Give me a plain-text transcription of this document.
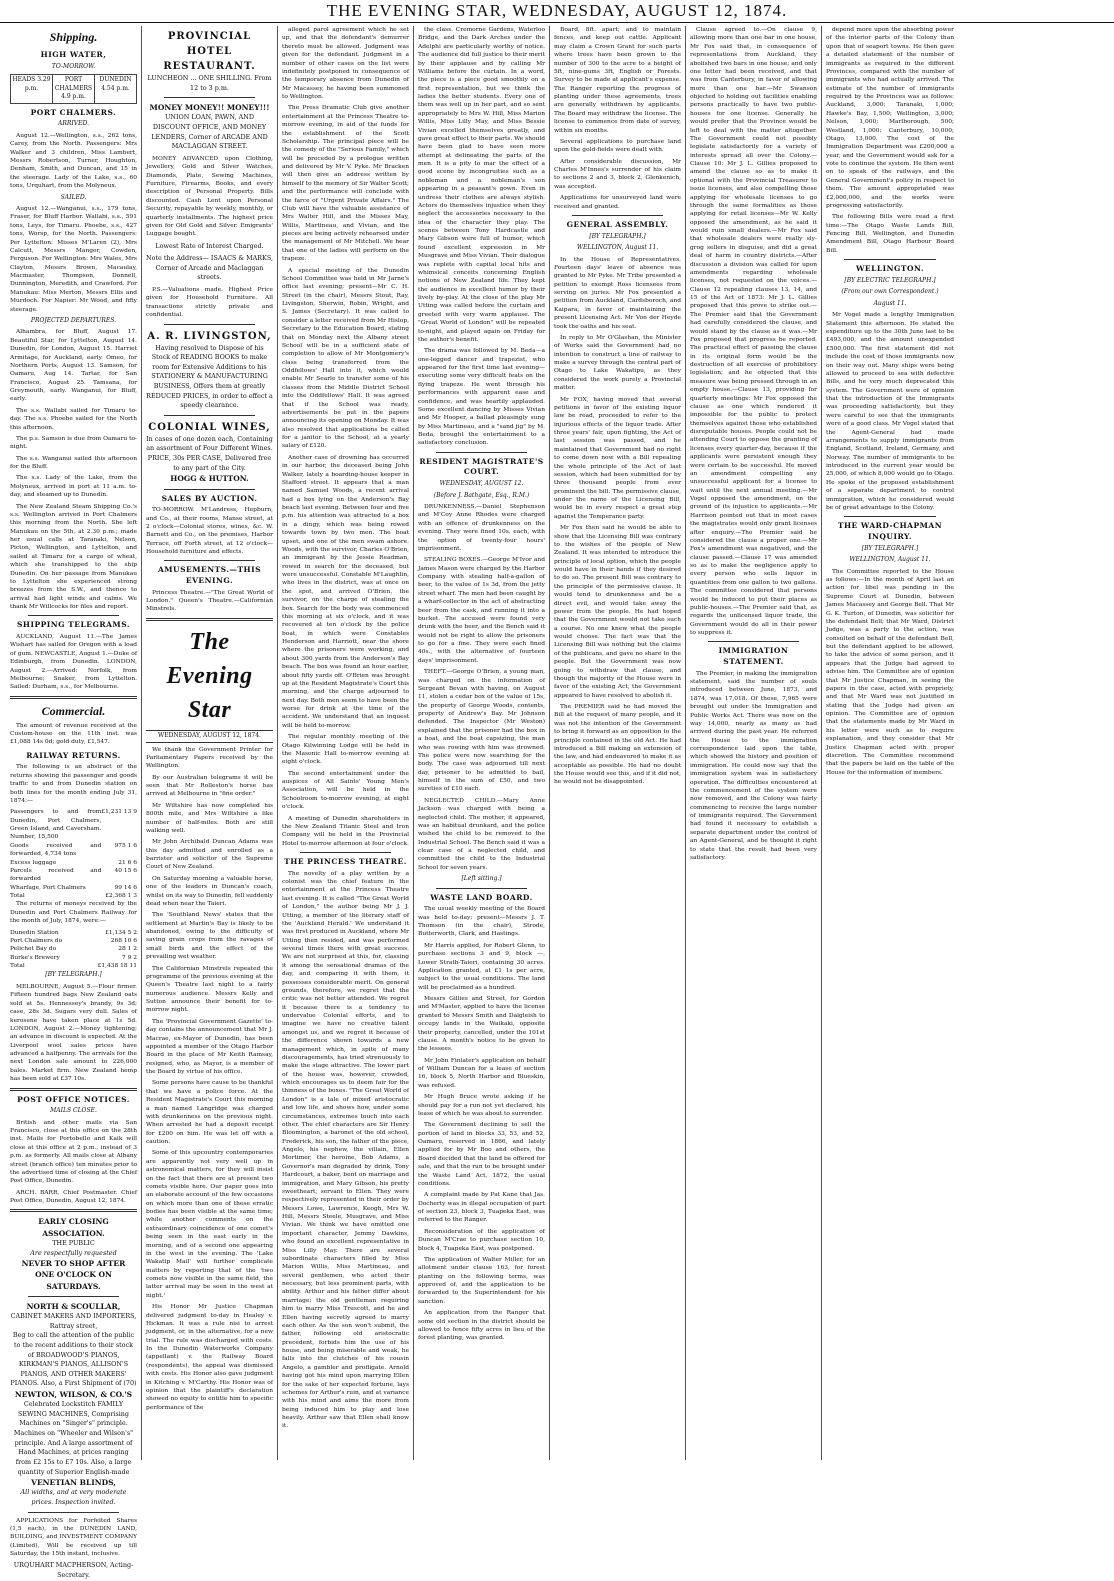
THE EVENING STAR, WEDNESDAY, AUGUST 12, 1874.
Shipping.
HIGH WATER,
TO-MORROW.
HEADS 3.29 p.m.
PORT CHALMERS 4.9 p.m.
DUNEDIN 4.54 p.m.
PORT CHALMERS.
ARRIVED.

August 12.—Wellington, s.s., 262 tons, Carey, from the North. Passengers: Mrs Walker and 3 children, Miss Lambert, Messrs Robertson, Turner, Houghton, Denham, Smith, and Duncan, and 15 in the steerage. Lady of the Lake, s.s., 60 tons, Urquhart, from the Molyneux.

SAILED.

August 12.—Wanganui, s.s., 179 tons, Fraser, for Bluff Harbor. Wallabi, s.s., 591 tons, Leys, for Timaru. Phoebe, s.s., 427 tons, Worsp, for the North. Passengers: Per Lyttelton: Misses M'Laren (2), Mrs Calcutt, Messrs Manger, Cowden, Ferguson. For Wellington: Mrs Wales, Mrs Clayton, Messrs Brown, Macaulay, Macmaster, Thompson, Donnell, Dunnington, Meredith, and Crawford. For Manukau: Miss Merton, Messrs Ellis and Murdoch. For Napier: Mr Wood, and fifty steerage.

PROJECTED DEPARTURES.

Alhambra, for Bluff, August 17. Beautiful Star, for Lyttelton, August 14. Dunedin, for London, August 15. Harriet Armitage, for Auckland, early. Omeo, for Northern Ports, August 13. Samson, for Oamaru, Aug 14. Tartar, for San Francisco, August 25. Tamsana, for Greymouth, early. Wanganui, for Bluff, early.

The s.s. Wallabi sailed for Timaru to-day. The s.s. Phoebe sailed for the North this afternoon.

The p.s. Samson is due from Oamaru to-night.

The s.s. Wanganui sailed this afternoon for the Bluff.

The s.s. Lady of the Lake, from the Molyneux, arrived in port at 11 a.m. to-day, and steamed up to Dunedin.

The New Zealand Steam Shipping Co.'s s.s. Wellington arrived in Port Chalmers this morning from the North. She left Manukau on the 5th, at 2.30 p.m.; made her usual calls at Taranaki, Nelson, Picton, Wellington, and Lyttelton, and sailed at Timaru for a cargo of wheat, which she transhipped to the ship Dunedin. On her passage from Manukau to Lyttelton she experienced strong breezes from the S.W., and thence to arrival had light winds and calms. We thank Mr Willcocks for files and report.

SHIPPING TELEGRAMS.

AUCKLAND, August 11.—The James Wishart has sailed for Oregon with a load of gum. NEWCASTLE, August 1.—Duke of Edinburgh, from Dunedin. LONDON, August 2.—Arrived: Norfolk, from Melbourne; Snaker, from Lyttelton. Sailed: Durham, s.s., for Melbourne.

Commercial.

The amount of revenue received at the Custom-house on the 11th inst. was £1,088 14s 0d; gold duty, £1,547.

RAILWAY RETURNS.

The following is an abstract of the returns showing the passenger and goods traffic to and from Dunedin station on both lines for the month ending July 31, 1874:—

Passengers to and from Dunedin, Port Chalmers, Green Island, and Caversham. Number, 15,500	£1,231 13 9
Goods received and forwarded, 4,734 tons	975 1 6
Excess luggage	21 6 6
Parcels received and forwarded	40 15 6
Wharfage, Port Chalmers	99 14 6
Total	£2,368 1 3

The returns of moneys received by the Dunedin and Port Chalmers Railway for the month of July, 1874, were:—

Dunedin Station	£1,134 5 2
Port Chalmers do	268 10 6
Pelichet Bay do	28 1 2
Burke's Brewery	7 9 2
Total	£1,438 18 11
[BY TELEGRAPH.]

MELBOURNE, August 5.—Flour firmer. Fifteen hundred bags New Zealand oats sold at 5s. Hennessey's brandy, 9s 3d; case, 28s 3d. Sugars very dull. Sales of kerosene have taken place at 1s 5d. LONDON, August 2.—Money tightening; an advance in discount is expected. At the Liverpool wool sales prices have advanced a halfpenny. The arrivals for the next London sale amount to 226,000 bales. Market firm. New Zealand hemp has been sold at £37 10s.

POST OFFICE NOTICES.
MAILS CLOSE.

British and other mails via San Francisco, close at this office on the 28th inst. Mails for Portobello and Kaik will close at this office at 2 p.m., instead of 3 p.m. as formerly. All mails close at Albany street (branch office) ten minutes prior to the advertised time of closing at the Chief Post Office, Dunedin.

ARCH. BARR, Chief Postmaster. Chief Post Office, Dunedin, August 12, 1874.

EARLY CLOSING ASSOCIATION.
THE PUBLIC
Are respectfully requested
NEVER TO SHOP AFTER
ONE O'CLOCK ON SATURDAYS.
NORTH & SCOULLAR,
CABINET MAKERS AND IMPORTERS, Rattray street,
Beg to call the attention of the public to the recent additions to their stock of BROADWOOD'S PIANOS, KIRKMAN'S PIANOS, ALLISON'S PIANOS, AND OTHER MAKERS' PIANOS. Also, a First Shipment of (70)
NEWTON, WILSON, & CO.'S
Celebrated Lockstitch FAMILY SEWING MACHINES, Comprising Machines on "Singer's" principle. Machines on "Wheeler and Wilson's" principle. And A large assortment of Hand Machines, at prices ranging from £2 15s to £7 10s. Also, a large quantity of Superior English-made
VENETIAN BLINDS,
All widths, and at very moderate prices. Inspection invited.

APPLICATIONS for Forfeited Shares (1,5 each), in the DUNEDIN LAND, BUILDING, and INVESTMENT COMPANY (Limited), Will be received up till Saturday, the 15th instant, inclusive.

URQUHART MACPHERSON, Acting-Secretary.
PROVINCIAL HOTEL RESTAURANT.
LUNCHEON ... ONE SHILLING. From 12 to 3 p.m.
MONEY MONEY!! MONEY!!!
UNION LOAN, PAWN, AND DISCOUNT OFFICE, AND MONEY LENDERS, Corner of ARCADE AND MACLAGGAN STREET.

MONEY ADVANCED upon Clothing, Jewellery, Gold and Silver Watches, Diamonds, Plate, Sewing Machines, Furniture, Firearms, Books, and every description of Personal Property. Bills discounted. Cash Lent upon Personal Security, repayable by weekly, monthly, or quarterly installments. The highest price given for Old Gold and Silver. Emigrants' Luggage bought.

Lowest Rate of Interest Charged.
Note the Address— ISAACS & MARKS, Corner of Arcade and Maclaggan streets.

P.S.—Valuations made. Highest Price given for Household Furniture. All transactions strictly private and confidential.

A. R. LIVINGSTON,
Having resolved to Dispose of his Stock of READING BOOKS to make room for Extensive Additions to his STATIONERY & MANUFACTURING BUSINESS, Offers them at greatly REDUCED PRICES, in order to effect a speedy clearance.
COLONIAL WINES,
In cases of one dozen each, Containing an assortment of Four Different Wines. PRICE, 30s PER CASE, Delivered free to any part of the City.
HOGG & HUTTON.
SALES BY AUCTION.

TO-MORROW. M'Landress, Hepburn, and Co., at their rooms, Manse street, at 2 o'clock—Colonial stores, wines, &c. W. Barnett and Co., on the premises, Harbor Terrace, off Forth street, at 12 o'clock—Household furniture and effects.

AMUSEMENTS.—THIS EVENING.

Princess Theatre.—"The Great World of London." Queen's Theatre.—Californian Minstrels.

The Evening Star
WEDNESDAY, AUGUST 12, 1874.

We thank the Government Printer for Parliamentary Papers received by the Wellington.

By our Australian telegrams it will be seen that Mr Rolleston's horse has arrived at Melbourne in "fine order."

Mr Wiltshire has now completed his 800th mile, and Mrs Wiltshire a like number of half-miles. Both are still walking well.

Mr John Archibald Duncan Adams was this day admitted and enrolled as a barrister and solicitor of the Supreme Court of New Zealand.

On Saturday morning a valuable horse, one of the leaders in Duncan's coach, whilst on its way to Dunedin, fell suddenly dead when near the Taieri.

The 'Southland News' states that the settlement at Martin's Bay is likely to be abandoned, owing to the difficulty of saving grain crops from the ravages of small birds and the effect of the prevailing wet weather.

The Californian Minstrels repeated the programme of the previous evening at the Queen's Theatre last night to a fairly numerous audience. Messrs Kelly and Sutton announce their benefit for to-morrow night.

The 'Provincial Government Gazette' to-day contains the announcement that Mr J. Macrae, ex-Mayor of Dunedin, has been appointed a member of the Otago Harbor Board in the place of Mr Keith Ramsay, resigned, who, as Mayor, is a member of the Board by virtue of his office.

Some persons have cause to be thankful that we have a police force. At the Resident Magistrate's Court this morning a man named Langridge was charged with drunkenness on the previous night. When arrested he had a deposit receipt for £200 on him. He was let off with a caution.

Some of this upcountry contemporaries are apparently not very well up in astronomical matters, for they will insist on the fact that there are at present two comets visible here. Our paper goes into an elaborate account of the few occasions on which more than one of these erratic bodies has been visible at the same time; while another comments on the extraordinary coincidence of one comet's being seen in the east early in the morning, and of a second one appearing in the west in the evening. The 'Lake Wakatip Mail' will further complicate matters by reporting that of the 'two comets now visible in the same field, the latter arrival may be seen in the west at night.'

His Honor Mr Justice Chapman delivered judgment to-day in Healey v. Hickman. It was a rule nisi to arrest judgment, or, in the alternative, for a new trial. The rule was discharged with costs. In the Dunedin Waterworks Company (appellant) v. the Railway Board (respondents), the appeal was dismissed with costs. His Honor also gave judgment in Kitching v. M'Carthy. His Honor was of opinion that the plaintiff's declaration showed no equity to entitle him to specific performance of the

alleged parol agreement which he set up, and that the defendant's demurrer thereto must be allowed. Judgment was given for the defendant. Judgment in a number of other cases on the list were indefinitely postponed in consequence of the temporary absence from Dunedin of Mr Macassey, he having been summoned to Wellington.

The Press Dramatic Club give another entertainment at the Princess Theatre to-morrow evening, in aid of the funds for the establishment of the Scott Scholarship. The principal piece will be the comedy of the "Serious Family," which will be preceded by a prologue written and delivered by Mr V. Pyke. Mr Bracken will then give an address written by himself to the memory of Sir Walter Scott; and the performance will conclude with the farce of "Urgent Private Affairs." The Club will have the valuable assistance of Mrs Walter Hill, and the Misses May, Willis, Martineau, and Vivian, and the pieces are being actively rehearsed under the management of Mr Mitchell. We hear that one of the ladies will perform on the trapeze.

A special meeting of the Dunedin School Committee was held in Mr Jarne's office last evening; present—Mr C. H. Street (in the chair), Messrs Stout, Ray, Livingston, Sherwin, Robin, Wright, and S. James (Secretary). It was called to consider a letter received from Mr Hislop, Secretary to the Education Board, stating that on Monday next the Albany street School will be in a sufficient state of completion to allow of Mr Montgomery's class being transferred from the Oddfellows' Hall into it, which would enable Mr Searle to transfer some of his classes from the Middle District School into the Oddfellows' Hall. It was agreed that if the School was ready, advertisements be put in the papers announcing its opening on Monday. It was also resolved that applications be called for a janitor to the School, at a yearly salary of £120.

Another case of drowning has occurred in our harbor, the deceased being John Walker, lately a boarding-house keeper in Stafford street. It appears that a man named Samuel Woods, a recent arrival had a box lying on the Anderson's Bay beach last evening. Between four and five p.m. his attention was attracted to a box in a dingy, which was being rowed towards town by two men. The boat upset, and one of the men swam ashore. Woods, with the survivor, Charles O'Brien, an immigrant by the Jessie Readman, rowed in search for the deceased, but were unsuccessful. Constable M'Laughlin, who lives in the district, was at once on the spot, and arrived O'Brien, the survivor, on the charge of stealing the box. Search for the body was commenced this morning at six o'clock, and it was recovered at ten o'clock by the police boat, in which were Constables Henderson and Harriott, near the shore where the prisoners were working, and about 300 yards from the Anderson's Bay beach. The box was found an hour earlier, about fifty yards off. O'Brien was brought up at the Resident Magistrate's Court this morning, and the charge adjourned to next day. Both men seem to have been the worse for drink at the time of the accident. We understand that an inquest will be held to-morrow.

The regular monthly meeting of the Otago Kilwinning Lodge will be held in the Masonic Hall to-morrow evening at eight o'clock.

The second entertainment under the auspices of All Saints' Young Men's Association, will be held in the Schoolroom to-morrow evening, at eight o'clock.

A meeting of Dunedin shareholders in the New Zealand Titanic Steel and Iron Company will be held in the Provincial Hotel to-morrow afternoon at four o'clock.

THE PRINCESS THEATRE.

The novelty of a play written by a colonist was the chief feature in the entertainment at the Princess Theatre last evening. It is called "The Great World of London," the author being Mr J. J. Utting, a member of the literary staff of the 'Auckland Herald.' We understand it was first produced in Auckland, where Mr Utting then resided, and was performed several times there with great success. We are not surprised at this, for, classing it among the sensational dramas of the day, and comparing it with them, it possesses considerable merit. On general grounds, therefore, we regret that the critic was not better attended. We regret it because there is a tendency to undervalue Colonial efforts, and to imagine we have no creative talent amongst us, and we regret it because of the difference shown towards a new management which, in spite of many discouragements, has tried strenuously to make the stage attractive. The lower part of the house was, however, crowded, which encourages us to deem fair for the thinness of the boxes. "The Great World of London" is a tale of mixed aristocratic and low life, and shows how, under some circumstances, extremes touch into each other. The chief characters are Sir Henry Bloomington, a baronet of the old school, Frederick, his son, the father of the piece, Angelo, his nephew, the villain, Ellen Mortimer, the heroine, Bob Adams, a Governor's man degraded by drink, Tony Hardcourt, a baker, bent on marriage and immigration, and Mary Gibson, his pretty sweetheart, servant to Ellen. They were respectively represented in their order by Messrs Lowe, Lawrence, Keogh, Mrs W. Hill, Messrs Steele, Musgrave, and Miss Vivian. We think we have omitted one important character, Jemmy Dawkins, who found an excellent representative in Miss Lilly May. There are several subordinate characters filled by Miss Marion Willis, Miss Martineau, and several gentlemen, who acted their necessary, but less prominent parts, with ability. Arthur and his father differ about marriage; the old gentleman requiring him to marry Miss Truscott, and he and Ellen having secretly agreed to marry each other. As the son won't submit, the father, following old aristocratic precedent, forbids him the use of his house, and being miserable and weak, he falls into the clutches of his cousin Angelo, a gambler and profligate. Arnold having got his mind upon marrying Ellen for the sake of her expected fortune, lays schemes for Arthur's ruin, and at variance with his mind and aims the more from being induced him to play and lose heavily. Arthur saw that Ellen shall know it.

the class. Cremorne Gardens, Waterloo Bridge, and the Dark Arches under the Adelphi are particularly worthy of notice. The audience did full justice to their merit by their applause and by calling Mr Williams before the curtain. In a word, the piece is a piece good smoothly on a first representation, but we think the ladies the better students. Every one of them was well up in her part, and so sent appropriately to Mrs W. Hill, Miss Marion Willis, Miss Lilly May, and Miss Bessie Vivian excelled themselves greatly, and gave great effect to their parts. We should have been glad to have seen more attempt at delineating the parts of the men. It is a pity to mar the effect of a good scene by incongruities such as a nobleman and a nobleman's son appearing in a peasant's gown. Even in undress their clothes are always stylish. Actors do themselves injustice when they neglect the accessories necessary to the idea of the character they play. The scenes between Tony Hardcastle and Mary Gibson were full of humor, which found excellent expression in Mr Musgrave and Miss Vivian. Their dialogue was replete with capital local hits and whimsical conceits concerning English notions of New Zealand life. They kept the audience in excellent humor by their lively by-play. At the close of the play Mr Utting was called before the curtain and greeted with very warm applause. The "Great World of London" will be repeated to-night, and played again on Friday for the author's benefit.

The drama was followed by M. Beda—a one-legged dancer and trapezist, who appeared for the first time last evening—executing some very difficult feats on the flying trapeze. He went through his performances with apparent ease and confidence, and was heartily applauded. Some excellent dancing by Misses Vivian and Mr Hooper, a ballad pleasingly sung by Miss Martineau, and a "sand jig" by M. Beda, brought the entertainment to a satisfactory conclusion.

RESIDENT MAGISTRATE'S COURT.
WEDNESDAY, AUGUST 12.
(Before J. Bathgate, Esq., R.M.)

DRUNKENNESS.—Daniel Stephenson and M'Coy Anne Rhodes were charged with an offence of drunkenness on the evening. They were fined 10s. each, with the option of twenty-four hours' imprisonment.

STEALING BOXES.—George M'Ivor and James Mason were charged by the Harbor Company with stealing half-a-gallon of beer, to the value of 1s 3d, from the jetty street wharf. The men had been caught by a wharf-collector in the act of abstracting beer from the cask, and running it into a bucket. The accused were found very drunk with the beer, and the Bench said it would not be right to allow the prisoners to go for a fine. They were each fined 40s., with the alternative of fourteen days' imprisonment.

THEFT.—George O'Brien, a young man, was charged on the information of Sergeant Bevan with having, on August 11, stolen a cedar box of the value of 15s, the property of George Woods, contents, property of Andrew's Bay. Mr Johnson defended. The Inspector (Mr Weston) explained that the prisoner had the box in a boat, and the boat capsizing, the man who was rowing with him was drowned. The police were now searching for the body. The case was adjourned till next day, prisoner to be admitted to bail, himself in the sum of £50, and two sureties of £10 each.

NEGLECTED CHILD.—Mary Anne Jackson was charged with being a neglected child. The mother, it appeared, was an habitual drunkard, and the police wished the child to be removed to the Industrial School. The Bench said it was a clear case of a neglected child, and committed the child to the Industrial School for seven years.

[Left sitting.]
WASTE LAND BOARD.

The usual weekly meeting of the Board was held to-day; present—Messrs J. T. Thomson (in the chair), Strode, Butterworth, Clark, and Hastings.

Mr Harris applied, for Robert Glenn, to purchase sections 3 and 9, block —, Lower Strath-Taieri, containing 30 acres. Application granted, at £1 1s per acre, subject to the usual conditions. The land will be proclaimed as a hundred.

Messrs Gillies and Street, for Gordon and M'Master, applied to have the license granted to Messrs Smith and Dalgleish to occupy lands in the Waikaki, opposite their property, cancelled, under the 101st clause. A month's notice to be given to the lessees.

Mr John Finlater's application on behalf of William Duncan for a lease of section 16, block 5, North Harbor and Blueskin, was refused.

Mr Hugh Bruce wrote asking if he should pay for a run not yet declared, his lease of which he was about to surrender.

The Government declining to sell the portion of land in blocks 33, 53, and 52, Oamaru, reserved in 1866, and lately applied for by Mr Boo and others, the Board decided that the land be offered for sale, and that the run to be brought under the Waste Land Act, 1872, the usual conditions.

A complaint made by Pat Kane that Jas. Docherty was in illegal occupation of part of section 23, block 3, Tuapeka East, was referred to the Ranger.

Reconsideration of the application of Duncan M'Crae to purchase section 10, block 4, Tuapeka East, was postponed.

The application of Walter Miller, for an allotment under clause 163, for forest planting on the following terms, was approved of, and the application to be forwarded to the Superintendent for his sanction.

An application from the Ranger that some old section in the district should be allowed to fence fifty acres in lieu of the forest planting, was granted.

Board, 8ft. apart; and to maintain fences, and keep out cattle. Applicant may claim a Crown Grant for such parts where trees have been grown to the number of 300 to the acre to a height of 5ft, nine-gums 3ft, English or Forests. Survey to be made at applicant's expense. The Ranger reporting the progress of planting under these agreements, trees are generally withdrawn by applicants. The Board may withdraw the license. The license to commence from date of survey, within six months.

Several applications to purchase land upon the gold-fields were dealt with.

After considerable discussion, Mr Charles M'Innes's surrender of his claim to sections 2 and 3, block 2, Glenkenich, was accepted.

Applications for unsurveyed land were received and granted.

GENERAL ASSEMBLY.
[BY TELEGRAPH.]
WELLINGTON, August 11.

In the House of Representatives. Fourteen days' leave of absence was granted to Mr Pyke. Mr Tribe presented a petition to exempt Ross licensees from serving on juries. Mr Fox presented a petition from Auckland, Cardsboroch, and Kaipara, in favor of maintaining the present Licensing Act. Mr Von der Heyde took the oaths and his seat.

In reply to Mr O'Glashan, the Minister of Works said the Government had no intention to construct a line of railway to make a survey through the central part of Otago to Lake Wakatipu, as they considered the work purely a Provincial matter.

Mr FOX, having moved that several petitions in favor of the existing liquor law be read, proceeded to refer to the injurious effects of the liquor trade. After three years' fair, upon fighting, the Act of last session was passed, and he maintained that Government had no right to come down now with a Bill repealing the whole principle of the Act of last session, which had been submitted for by three thousand people from ever prominent the bill. The permissive clause, under the name of the Licensing Bill, would be in every respect a great step against the Temperance party.

Mr Fox then said he would be able to show that the Licensing Bill was contrary to the wishes of the people of New Zealand. It was intended to introduce the principle of local option, which the people would have in their hands if they desired to do so. The present Bill was contrary to the principle of the permissive clause. It would tend to drunkenness and be a direct evil, and would take away the power from the people. He had hoped that the Government would not take such a course. No one knew what the people would choose. The fact was that the Licensing Bill was nothing but the claims of the publicans, and gave no share to the people. But the Government was now going to withdraw that clause, and though the majority of the House were in favor of the existing Act, the Government appeared to have resolved to abolish it.

The PREMIER said he had moved the Bill at the request of many people, and it was not the intention of the Government to bring it forward as an opposition to the principle contained in the old Act. He had introduced a Bill making an extension of the law, and had endeavored to make it as acceptable as possible. He had no doubt the House would see this, and if it did not, he would not be disappointed.

Clause agreed to.—On clause 9, allowing more than one bar in one house, Mr Fox said that, in consequence of representations from Auckland, they abolished two bars in one house; and only one letter had been received, and that was from Canterbury, in favor of allowing more than one bar.—Mr Swanson objected to holding out facilities enabling persons practically to have two public-houses for one license. Generally he would prefer that the Province would be left to deal with the matter altogether. The Government could not possibly legislate satisfactorily for a variety of interests spread all over the Colony.—Clause 10: Mr J. L. Gillies proposed to amend the clause so as to make it optional with the Provincial Treasurer to issue licenses, and also compelling those applying for wholesale licenses to go through the same formalities as those applying for retail licenses—Mr W. Kelly opposed the amendment, as he said it would ruin small dealers.—Mr Fox said that wholesale dealers were really sly-grog sellers in disguise, and did a great deal of harm in country districts.—After discussion a division was called for upon amendments regarding wholesale licenses, not requested on the voices.—Clause 12 repealing clauses 13, 14, and 15 of the Act of 1873: Mr J. L. Gillies proposed that this prove to strike out.—The Premier said that the Government had carefully considered the clause, and would stand by the clause as it was.—Mr Fox proposed that progress be reported. The practical effect of passing the clause in its original form would be the destruction of all exercise of prohibitory legislation; and he objected that this measure was being pressed through in an empty house.—Clause 13, providing for quarterly meetings: Mr Fox opposed the clause as one which rendered it impossible for the public to protect themselves against those who established disreputable houses. People could not be attending Court to oppose the granting of licenses every quarter-day, because if the applicants were persistent enough they were certain to be successful. He moved an amendment compelling any unsuccessful applicant for a license to wait until the next annual meeting.—Mr Vogel opposed the amendment, on the ground of its injustice to applicants.—Mr Harrison pointed out that in most cases the magistrates would only grant licenses after enquiry.—The Premier said he considered the clause a proper one.—Mr Fox's amendment was negatived, and the clause passed.—Clause 17 was amended so as to make the negligence apply to every person who sells liquor in quantities from one gallon to two gallons. The committee considered that persons would be induced to put their places as public-houses.—The Premier said that, as regards the unlicensed liquor trade, the Government would do all in their power to suppress it.

IMMIGRATION STATEMENT.

The Premier, in making the immigration statement, said the number of souls introduced between June, 1873, and 1874, was 17,018. Of these, 7,965 were brought out under the Immigration and Public Works Act. There was now on the way 14,000, nearly as many as had arrived during the past year. He referred the House to the immigration correspondence laid upon the table, which showed the history and position of immigration. He could now say that the immigration system was in satisfactory operation. The difficulties encountered at the commencement of the system were now removed, and the Colony was fairly commencing to receive the large number of immigrants required. The Government had found it necessary to establish a separate department under the control of an Agent-General, and he thought it right to state that the result had been very satisfactory.

depend more upon the absorbing power of the interior parts of the Colony than upon that of seaport towns. He then gave a detailed statement of the number of immigrants as required in the different Provinces, compared with the number of immigrants who had actually arrived. The estimate of the number of immigrants required by the Provinces was as follows: Auckland, 3,000; Taranaki, 1,000; Hawke's Bay, 1,500; Wellington, 3,000; Nelson, 1,000; Marlborough, 500; Westland, 1,000; Canterbury, 10,000; Otago, 13,000. The cost of the Immigration Department was £200,000 a year, and the Government would ask for a vote to continue the system. He then went on to speak of the railways, and the General Government's policy in respect to them. The amount appropriated was £2,000,000, and the works were progressing satisfactorily.

The following Bills were read a first time:—The Otago Waste Lands Bill, Fencing Bill, Wellington, and Dunedin Amendment Bill, Otago Harbour Board Bill.

WELLINGTON.
[BY ELECTRIC TELEGRAPH.]
(From our own Correspondent.)
August 11.

Mr Vogel made a lengthy Immigration Statement this afternoon. He stated the expenditure up to the 30th June last to be £493,000, and the amount unexpended £500,000. The first statement did not include the cost of those immigrants now on their way out. Many ships were being allowed to proceed to sea with defective Bills, and he very much deprecated this system. The Government were of opinion that the introduction of the Immigrants was proceeding satisfactorily, but they were careful to see that the immigrants were of a good class. Mr Vogel stated that the Agent-General had made arrangements to supply immigrants from England, Scotland, Ireland, Germany, and Norway. The number of immigrants to be introduced in the current year would be 25,000, of which 8,000 would go to Otago. He spoke of the proposed establishment of a separate department to control immigration, which he considered would be of great advantage to the Colony.

THE WARD-CHAPMAN INQUIRY.
[BY TELEGRAPH.]
WELLINGTON, August 11.

The Committee reported to the House as follows:—In the month of April last an action for libel was pending in the Supreme Court at Dunedin, between James Macassey and George Bell. That Mr G. K. Turton, of Dunedin, was solicitor for the defendant Bell; that Mr Ward, District Judge, was a party to the action, was consulted on behalf of the defendant Bell, but the defendant applied to be allowed, to take the advice of some person, and it appears that the Judge had agreed to advise him. The Committee are of opinion that Mr Justice Chapman, in seeing the papers in the case, acted with propriety, and that Mr Ward was not justified in stating that the Judge had given an opinion. The Committee are of opinion that the statements made by Mr Ward in his letter were such as to require explanation, and they consider that Mr Justice Chapman acted with proper discretion. The Committee recommend that the papers be laid on the table of the House for the information of members.
